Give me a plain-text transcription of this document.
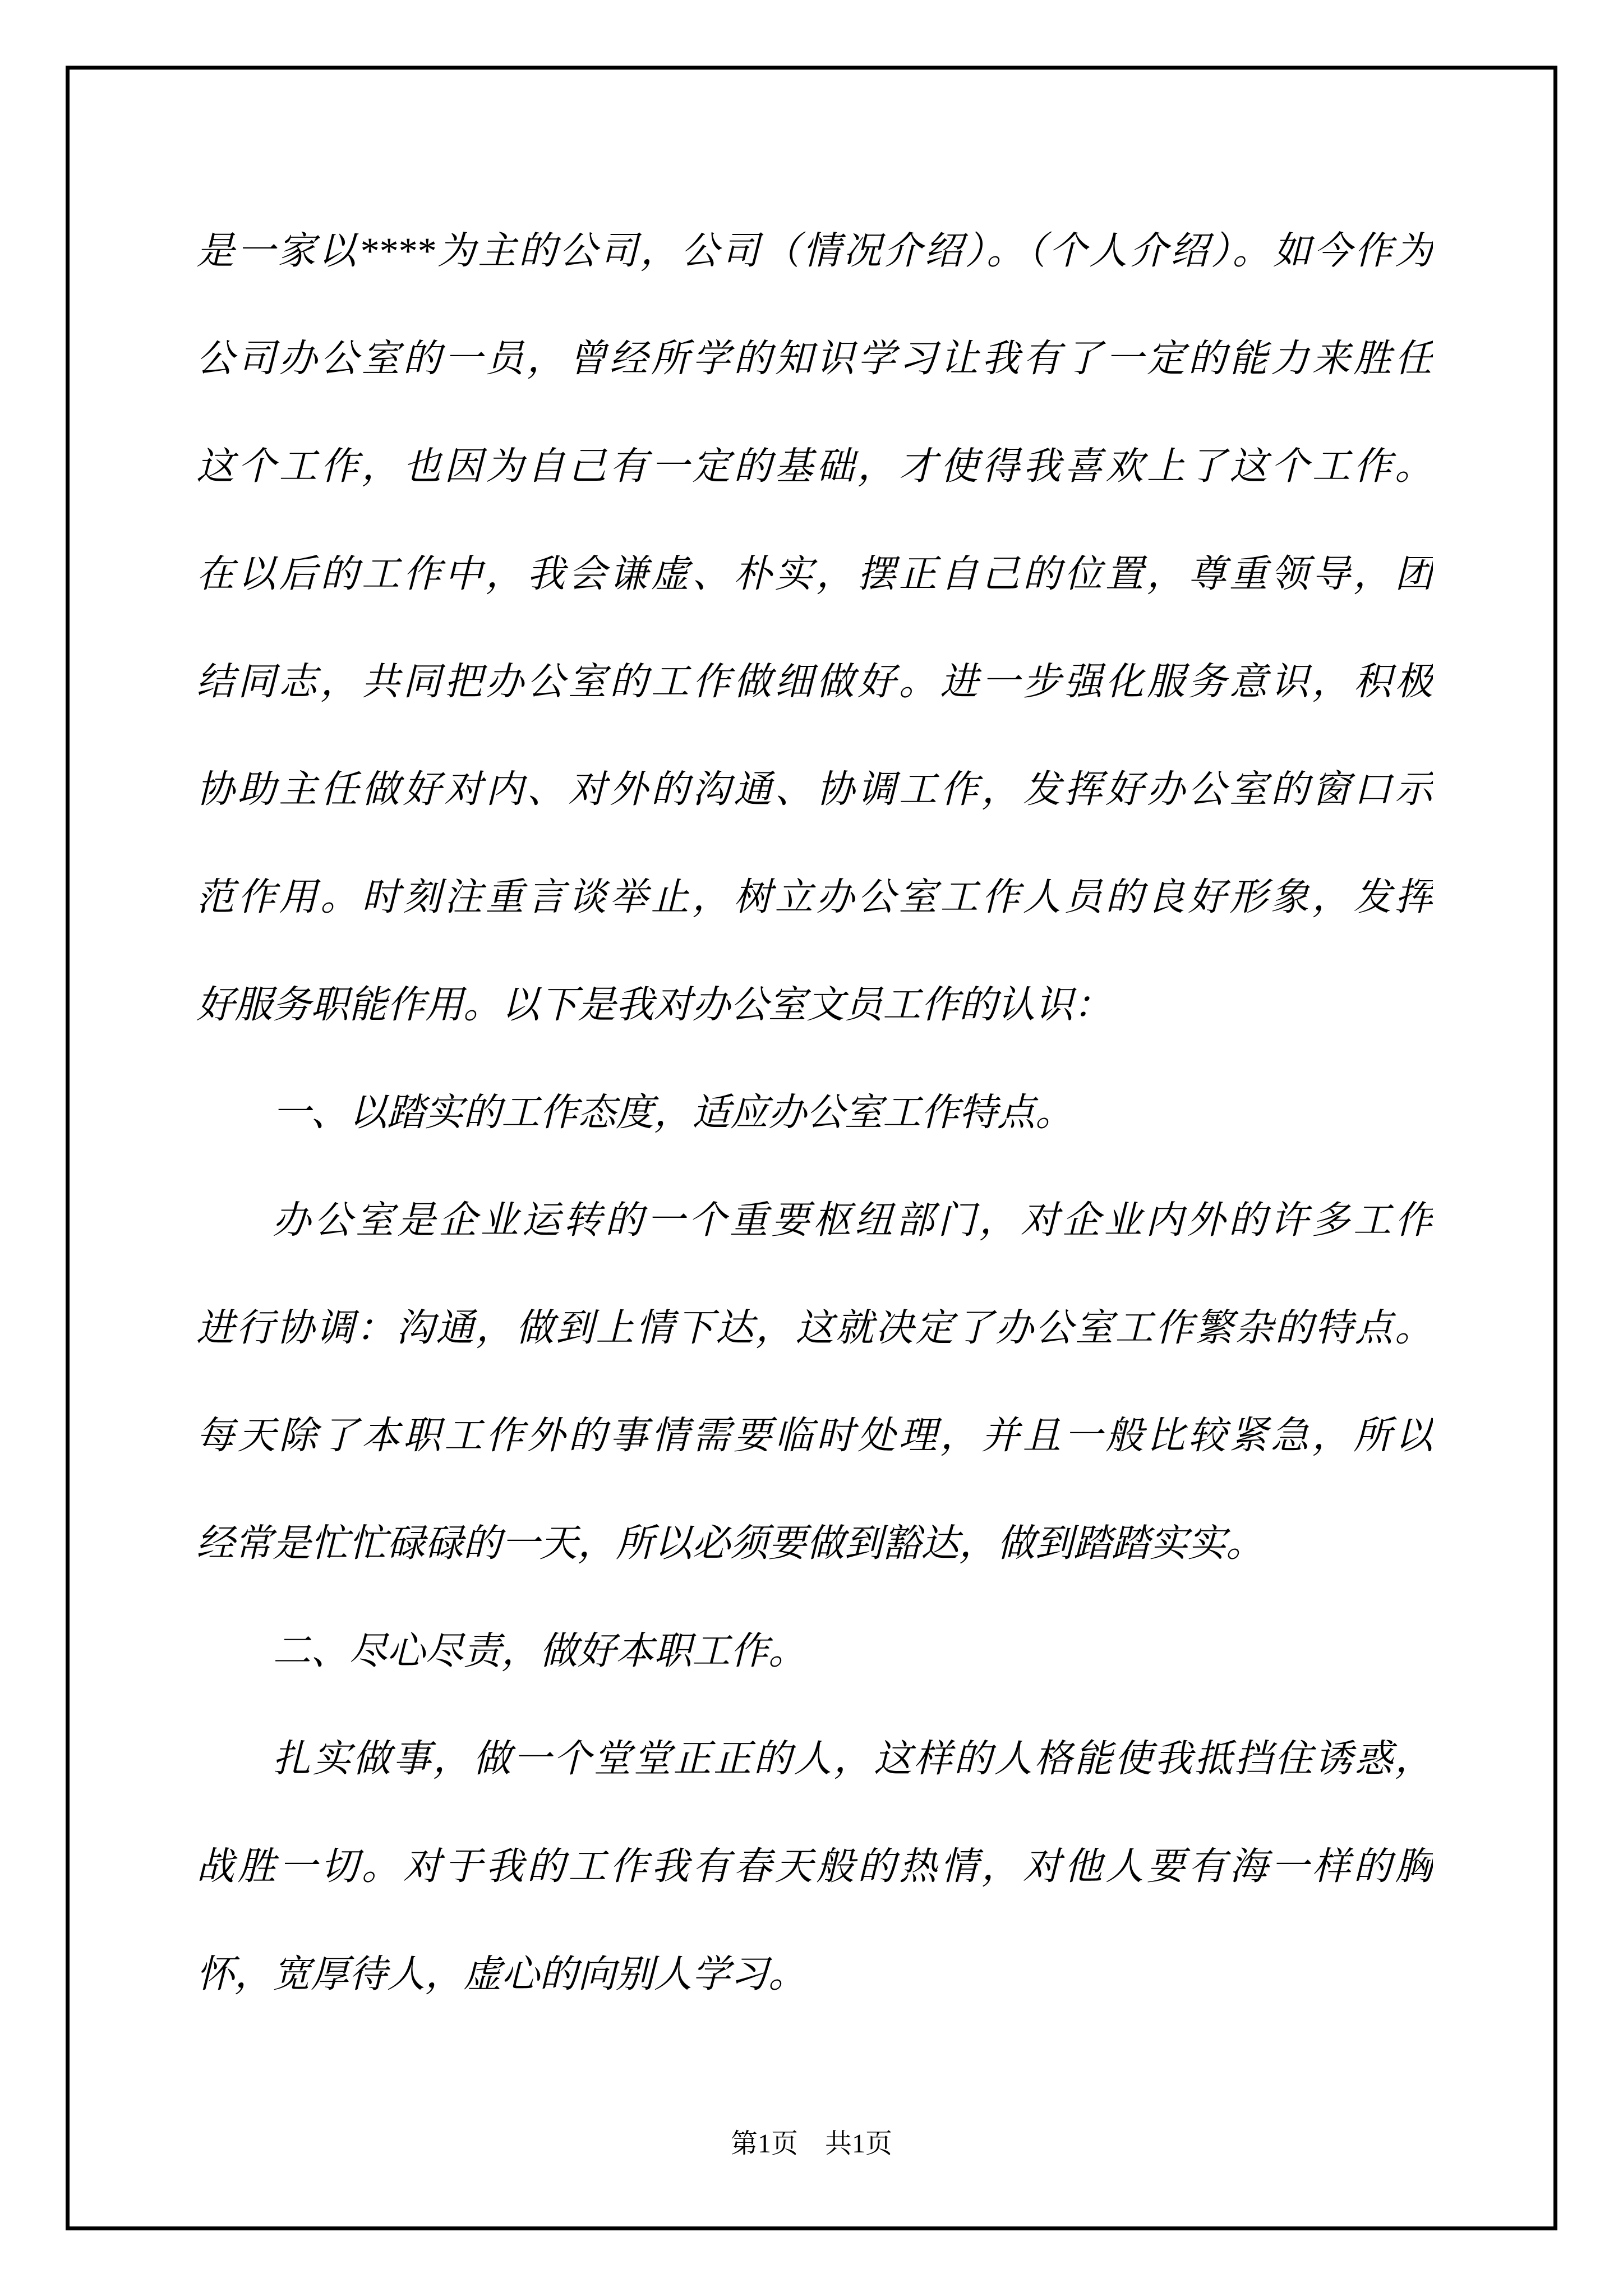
是一家以****为主的公司，公司（情况介绍）。（个人介绍）。如今作为
公司办公室的一员，曾经所学的知识学习让我有了一定的能力来胜任
这个工作，也因为自己有一定的基础，才使得我喜欢上了这个工作。
在以后的工作中，我会谦虚、朴实，摆正自己的位置，尊重领导，团
结同志，共同把办公室的工作做细做好。进一步强化服务意识，积极
协助主任做好对内、对外的沟通、协调工作，发挥好办公室的窗口示
范作用。时刻注重言谈举止，树立办公室工作人员的良好形象，发挥
好服务职能作用。以下是我对办公室文员工作的认识：
一、以踏实的工作态度，适应办公室工作特点。
办公室是企业运转的一个重要枢纽部门，对企业内外的许多工作
进行协调：沟通，做到上情下达，这就决定了办公室工作繁杂的特点。
每天除了本职工作外的事情需要临时处理，并且一般比较紧急，所以
经常是忙忙碌碌的一天，所以必须要做到豁达，做到踏踏实实。
二、尽心尽责，做好本职工作。
扎实做事，做一个堂堂正正的人，这样的人格能使我抵挡住诱惑，
战胜一切。对于我的工作我有春天般的热情，对他人要有海一样的胸
怀，宽厚待人，虚心的向别人学习。
第1页　共1页
